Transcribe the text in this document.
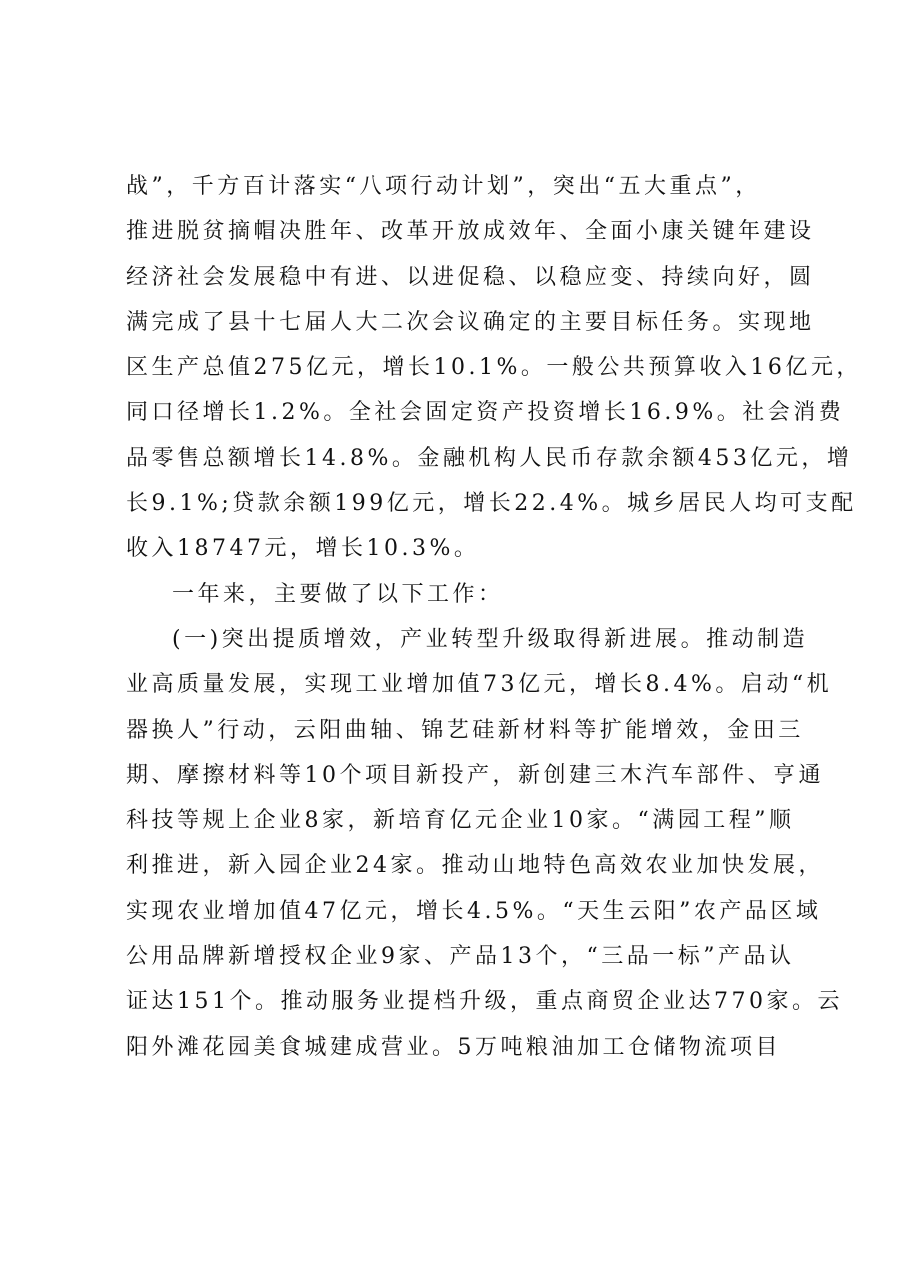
战”，千方百计落实“八项行动计划”，突出“五大重点”，
推进脱贫摘帽决胜年、改革开放成效年、全面小康关键年建设
经济社会发展稳中有进、以进促稳、以稳应变、持续向好，圆
满完成了县十七届人大二次会议确定的主要目标任务。实现地
区生产总值275亿元，增长10.1%。一般公共预算收入16亿元，
同口径增长1.2%。全社会固定资产投资增长16.9%。社会消费
品零售总额增长14.8%。金融机构人民币存款余额453亿元，增
长9.1%;贷款余额199亿元，增长22.4%。城乡居民人均可支配
收入18747元，增长10.3%。
一年来，主要做了以下工作：
(一)突出提质增效，产业转型升级取得新进展。推动制造
业高质量发展，实现工业增加值73亿元，增长8.4%。启动“机
器换人”行动，云阳曲轴、锦艺硅新材料等扩能增效，金田三
期、摩擦材料等10个项目新投产，新创建三木汽车部件、亨通
科技等规上企业8家，新培育亿元企业10家。“满园工程”顺
利推进，新入园企业24家。推动山地特色高效农业加快发展，
实现农业增加值47亿元，增长4.5%。“天生云阳”农产品区域
公用品牌新增授权企业9家、产品13个，“三品一标”产品认
证达151个。推动服务业提档升级，重点商贸企业达770家。云
阳外滩花园美食城建成营业。5万吨粮油加工仓储物流项目
